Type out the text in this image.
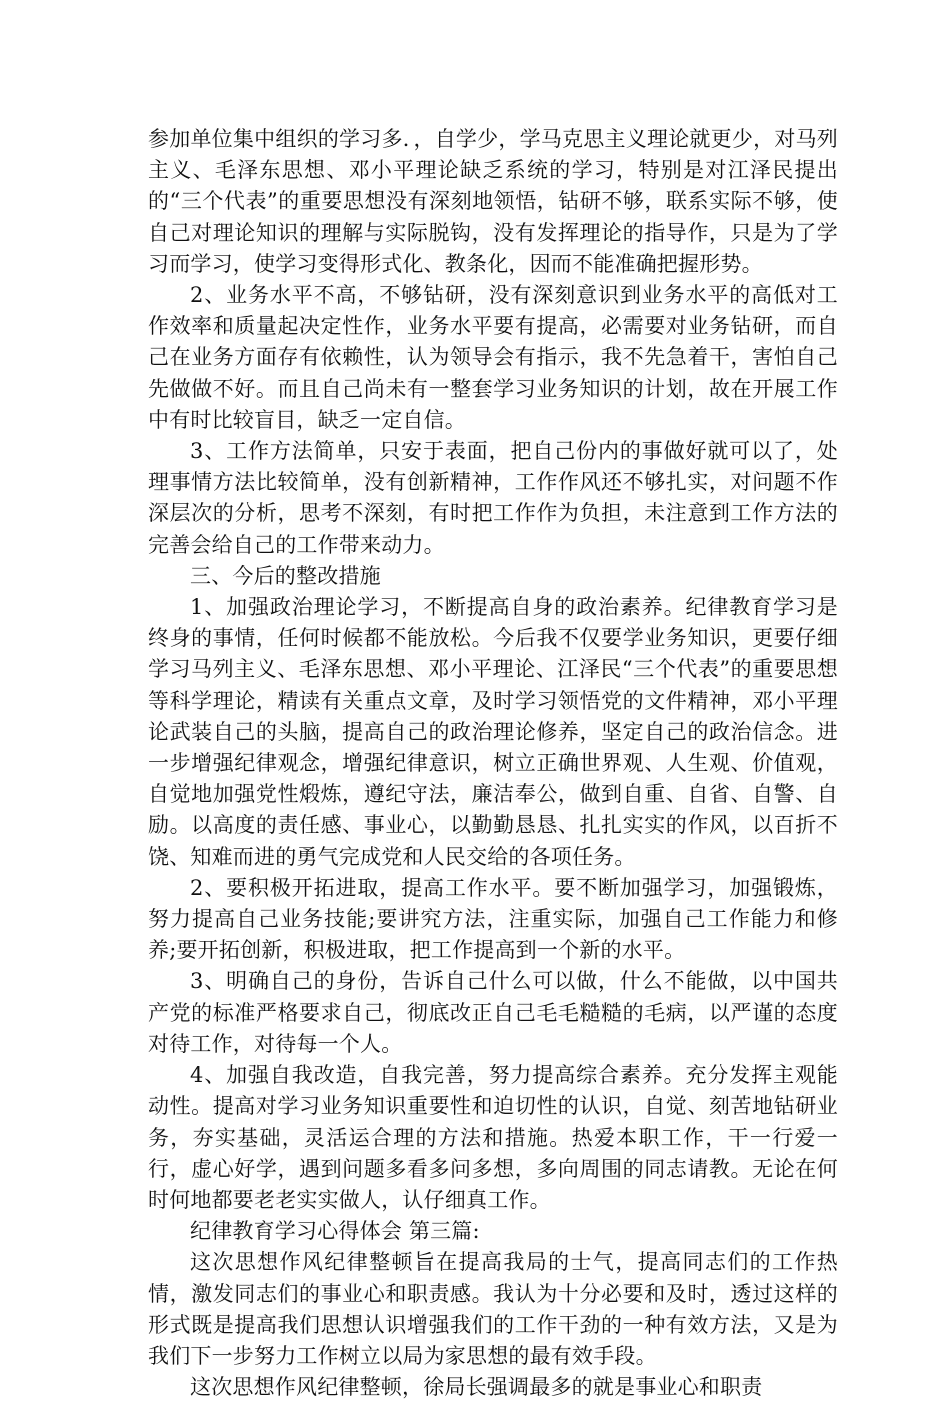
参加单位集中组织的学习多．，自学少，学马克思主义理论就更少，对马列主义、毛泽东思想、邓小平理论缺乏系统的学习，特别是对江泽民提出的“三个代表”的重要思想没有深刻地领悟，钻研不够，联系实际不够，使自己对理论知识的理解与实际脱钩，没有发挥理论的指导作，只是为了学习而学习，使学习变得形式化、教条化，因而不能准确把握形势。

2、业务水平不高，不够钻研，没有深刻意识到业务水平的高低对工作效率和质量起决定性作，业务水平要有提高，必需要对业务钻研，而自己在业务方面存有依赖性，认为领导会有指示，我不先急着干，害怕自己先做做不好。而且自己尚未有一整套学习业务知识的计划，故在开展工作中有时比较盲目，缺乏一定自信。

3、工作方法简单，只安于表面，把自己份内的事做好就可以了，处理事情方法比较简单，没有创新精神，工作作风还不够扎实，对问题不作深层次的分析，思考不深刻，有时把工作作为负担，未注意到工作方法的完善会给自己的工作带来动力。

三、今后的整改措施

1、加强政治理论学习，不断提高自身的政治素养。纪律教育学习是终身的事情，任何时候都不能放松。今后我不仅要学业务知识，更要仔细学习马列主义、毛泽东思想、邓小平理论、江泽民“三个代表”的重要思想等科学理论，精读有关重点文章，及时学习领悟党的文件精神，邓小平理论武装自己的头脑，提高自己的政治理论修养，坚定自己的政治信念。进一步增强纪律观念，增强纪律意识，树立正确世界观、人生观、价值观，自觉地加强党性煅炼，遵纪守法，廉洁奉公，做到自重、自省、自警、自励。以高度的责任感、事业心，以勤勤恳恳、扎扎实实的作风，以百折不饶、知难而进的勇气完成党和人民交给的各项任务。

2、要积极开拓进取，提高工作水平。要不断加强学习，加强锻炼，努力提高自己业务技能;要讲究方法，注重实际，加强自己工作能力和修养;要开拓创新，积极进取，把工作提高到一个新的水平。

3、明确自己的身份，告诉自己什么可以做，什么不能做，以中国共产党的标准严格要求自己，彻底改正自己毛毛糙糙的毛病，以严谨的态度对待工作，对待每一个人。

4、加强自我改造，自我完善，努力提高综合素养。充分发挥主观能动性。提高对学习业务知识重要性和迫切性的认识，自觉、刻苦地钻研业务，夯实基础，灵活运合理的方法和措施。热爱本职工作，干一行爱一行，虚心好学，遇到问题多看多问多想，多向周围的同志请教。无论在何时何地都要老老实实做人，认仔细真工作。

纪律教育学习心得体会 第三篇:

这次思想作风纪律整顿旨在提高我局的士气，提高同志们的工作热情，激发同志们的事业心和职责感。我认为十分必要和及时，透过这样的形式既是提高我们思想认识增强我们的工作干劲的一种有效方法，又是为我们下一步努力工作树立以局为家思想的最有效手段。

这次思想作风纪律整顿，徐局长强调最多的就是事业心和职责
